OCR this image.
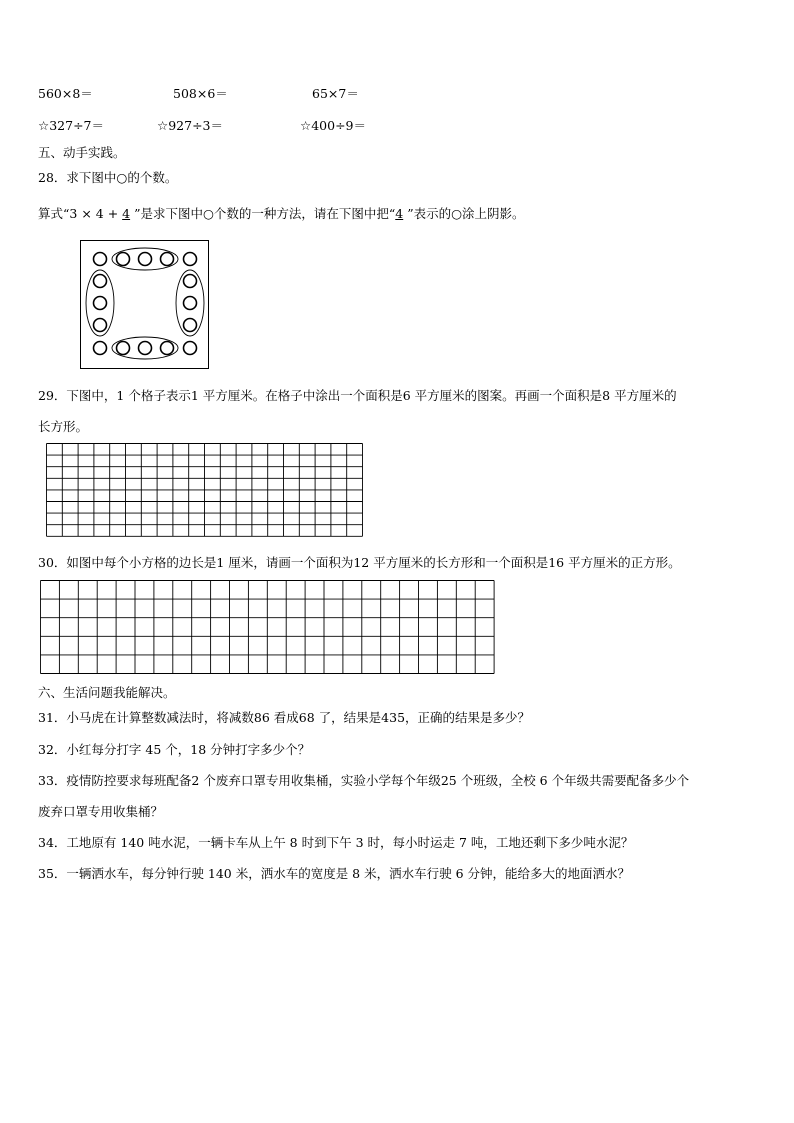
560×8＝	508×6＝	65×7＝
☆327÷7＝	☆927÷3＝	☆400÷9＝
五、动手实践。
28．求下图中○的个数。
算式“3 × 4 + 4 ”是求下图中○个数的一种方法，请在下图中把“4 ”表示的○涂上阴影。
29．下图中，1 个格子表示1 平方厘米。在格子中涂出一个面积是6 平方厘米的图案。再画一个面积是8 平方厘米的
长方形。
30．如图中每个小方格的边长是1 厘米，请画一个面积为12 平方厘米的长方形和一个面积是16 平方厘米的正方形。
六、生活问题我能解决。
31．小马虎在计算整数减法时，将减数86 看成68 了，结果是435，正确的结果是多少？
32．小红每分打字 45 个，18 分钟打字多少个？
33．疫情防控要求每班配备2 个废弃口罩专用收集桶，实验小学每个年级25 个班级，全校 6 个年级共需要配备多少个
废弃口罩专用收集桶？
34．工地原有 140 吨水泥，一辆卡车从上午 8 时到下午 3 时，每小时运走 7 吨，工地还剩下多少吨水泥？
35．一辆洒水车，每分钟行驶 140 米，洒水车的宽度是 8 米，洒水车行驶 6 分钟，能给多大的地面洒水？
